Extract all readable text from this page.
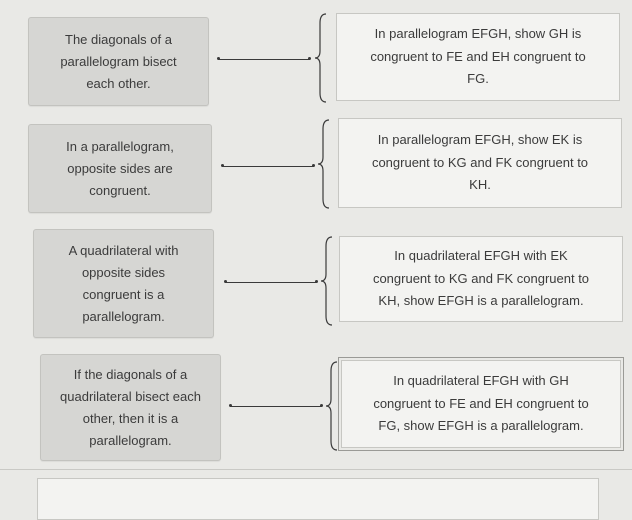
The diagonals of a
parallelogram bisect
each other.
In parallelogram EFGH, show GH is
congruent to FE and EH congruent to
FG.
In a parallelogram,
opposite sides are
congruent.
In parallelogram EFGH, show EK is
congruent to KG and FK congruent to
KH.
A quadrilateral with
opposite sides
congruent is a
parallelogram.
In quadrilateral EFGH with EK
congruent to KG and FK congruent to
KH, show EFGH is a parallelogram.
If the diagonals of a
quadrilateral bisect each
other, then it is a
parallelogram.
In quadrilateral EFGH with GH
congruent to FE and EH congruent to
FG, show EFGH is a parallelogram.
